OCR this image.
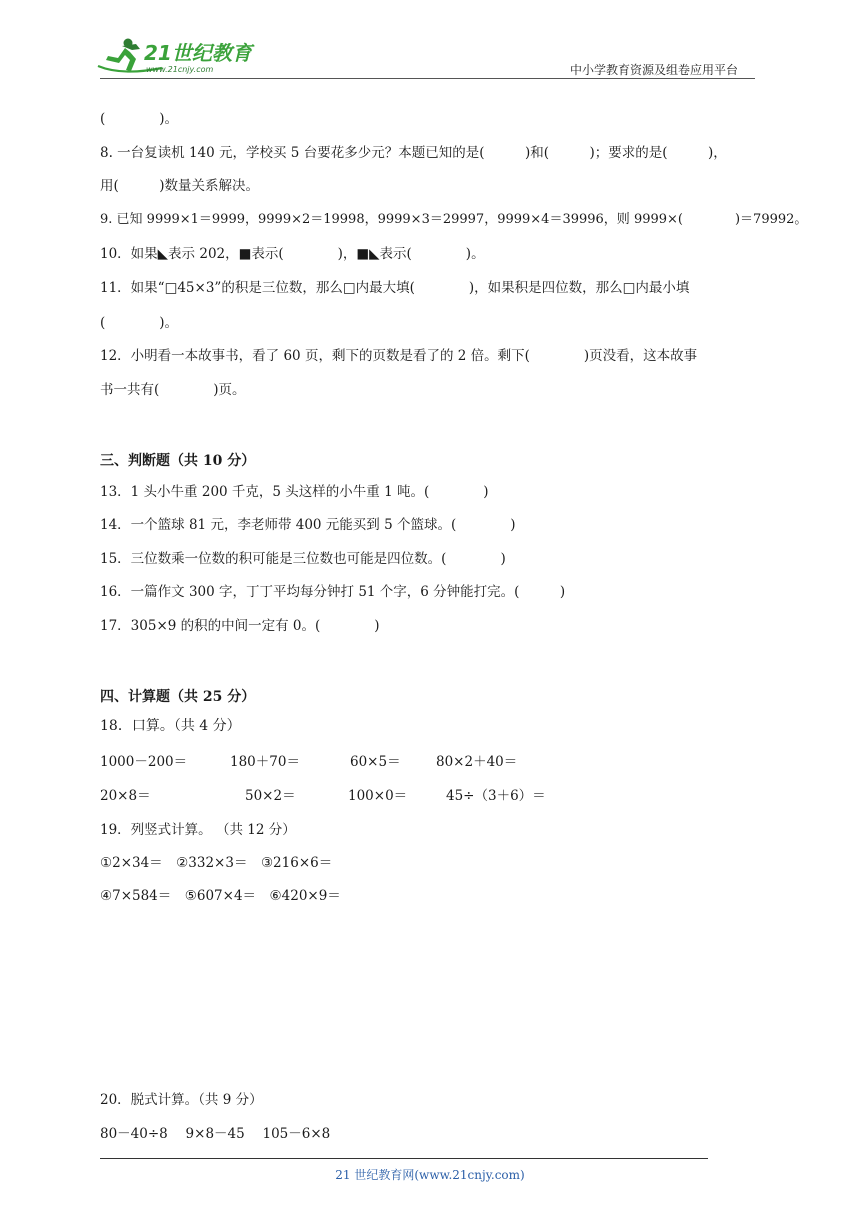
21世纪教育
www.21cnjy.com	中小学教育资源及组卷应用平台
(　　　　)。
8. 一台复读机 140 元，学校买 5 台要花多少元？本题已知的是(　　　)和(　　　)；要求的是(　　　)，
用(　　　)数量关系解决。
9. 已知 9999×1＝9999，9999×2＝19998，9999×3＝29997，9999×4＝39996，则 9999×(　　　　)＝79992。
10．如果◣表示 202，■表示(　　　　)，■◣表示(　　　　)。
11．如果“□45×3”的积是三位数，那么□内最大填(　　　　)，如果积是四位数，那么□内最小填
(　　　　)。
12．小明看一本故事书，看了 60 页，剩下的页数是看了的 2 倍。剩下(　　　　)页没看，这本故事
书一共有(　　　　)页。
三、判断题（共 10 分）
13．1 头小牛重 200 千克，5 头这样的小牛重 1 吨。(　　　　)
14．一个篮球 81 元，李老师带 400 元能买到 5 个篮球。(　　　　)
15．三位数乘一位数的积可能是三位数也可能是四位数。(　　　　)
16．一篇作文 300 字，丁丁平均每分钟打 51 个字，6 分钟能打完。(　　　)
17．305×9 的积的中间一定有 0。(　　　　)
四、计算题（共 25 分）
18．口算。（共 4 分）
1000－200＝	180＋70＝	60×5＝	80×2＋40＝
20×8＝	50×2＝	100×0＝	45÷（3＋6）＝
19．列竖式计算。 （共 12 分）
①2×34＝　②332×3＝　③216×6＝
④7×584＝　⑤607×4＝　⑥420×9＝
20．脱式计算。（共 9 分）
80－40÷8　 9×8－45　 105－6×8
21 世纪教育网(www.21cnjy.com)
